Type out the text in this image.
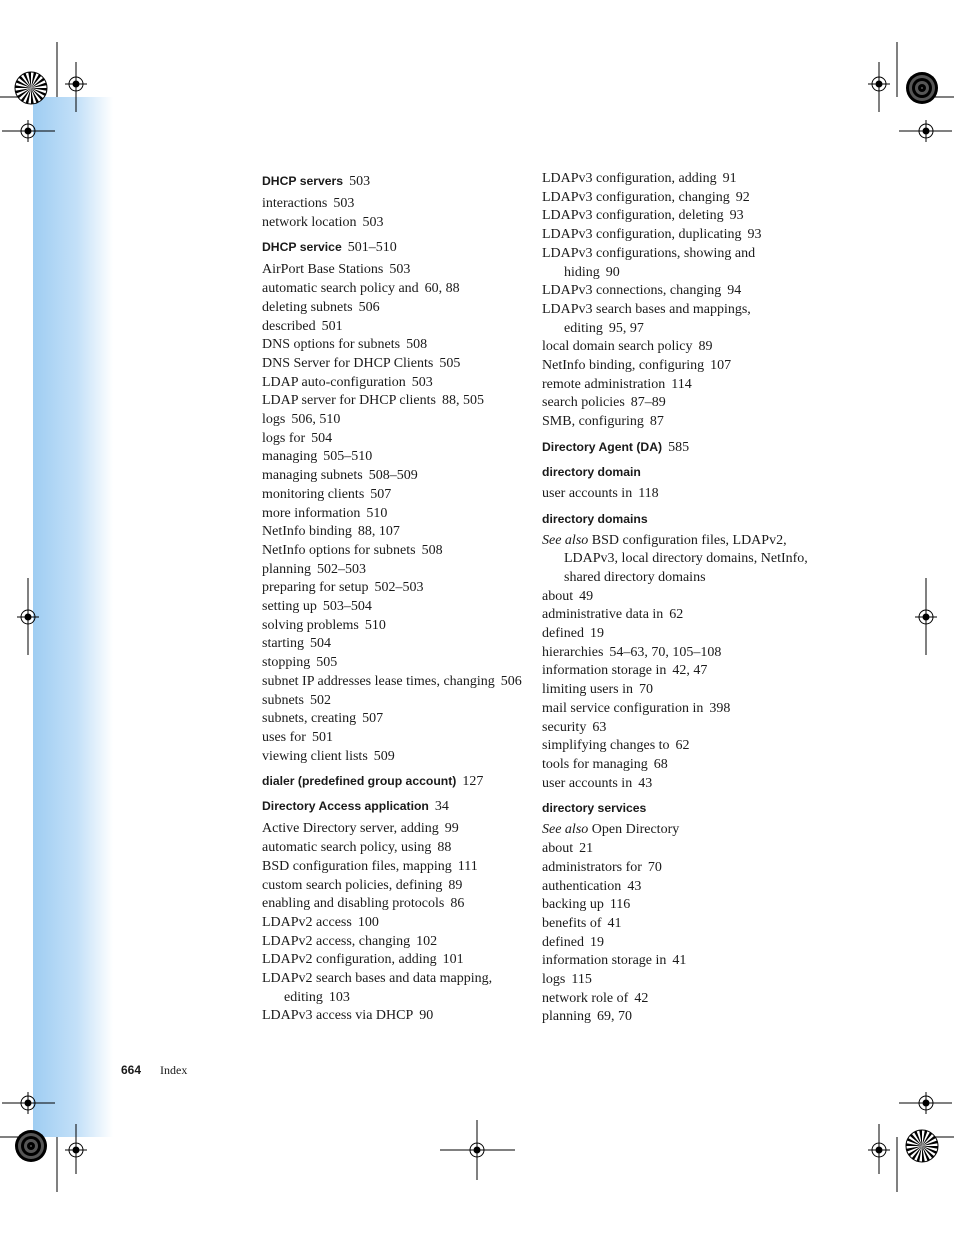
DHCP servers 503
interactions 503
network location 503
DHCP service 501–510
AirPort Base Stations 503
automatic search policy and 60, 88
deleting subnets 506
described 501
DNS options for subnets 508
DNS Server for DHCP Clients 505
LDAP auto-configuration 503
LDAP server for DHCP clients 88, 505
logs 506, 510
logs for 504
managing 505–510
managing subnets 508–509
monitoring clients 507
more information 510
NetInfo binding 88, 107
NetInfo options for subnets 508
planning 502–503
preparing for setup 502–503
setting up 503–504
solving problems 510
starting 504
stopping 505
subnet IP addresses lease times, changing 506
subnets 502
subnets, creating 507
uses for 501
viewing client lists 509
dialer (predefined group account) 127
Directory Access application 34
Active Directory server, adding 99
automatic search policy, using 88
BSD configuration files, mapping 111
custom search policies, defining 89
enabling and disabling protocols 86
LDAPv2 access 100
LDAPv2 access, changing 102
LDAPv2 configuration, adding 101
LDAPv2 search bases and data mapping, editing 103
LDAPv3 access via DHCP 90
LDAPv3 configuration, adding 91
LDAPv3 configuration, changing 92
LDAPv3 configuration, deleting 93
LDAPv3 configuration, duplicating 93
LDAPv3 configurations, showing and hiding 90
LDAPv3 connections, changing 94
LDAPv3 search bases and mappings, editing 95, 97
local domain search policy 89
NetInfo binding, configuring 107
remote administration 114
search policies 87–89
SMB, configuring 87
Directory Agent (DA) 585
directory domain
user accounts in 118
directory domains
See also BSD configuration files, LDAPv2, LDAPv3, local directory domains, NetInfo, shared directory domains
about 49
administrative data in 62
defined 19
hierarchies 54–63, 70, 105–108
information storage in 42, 47
limiting users in 70
mail service configuration in 398
security 63
simplifying changes to 62
tools for managing 68
user accounts in 43
directory services
See also Open Directory
about 21
administrators for 70
authentication 43
backing up 116
benefits of 41
defined 19
information storage in 41
logs 115
network role of 42
planning 69, 70
664 Index
